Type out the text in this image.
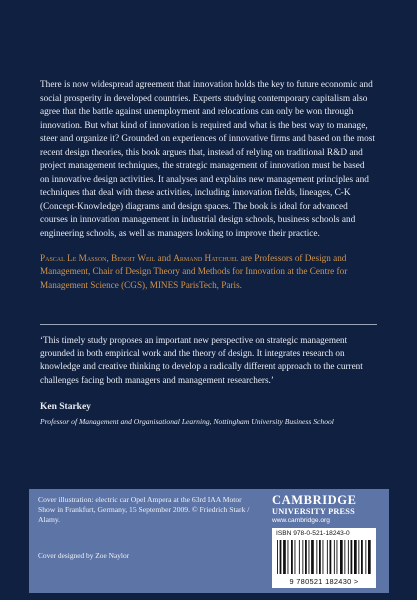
There is now widespread agreement that innovation holds the key to future economic and social prosperity in developed countries. Experts studying contemporary capitalism also agree that the battle against unemployment and relocations can only be won through innovation. But what kind of innovation is required and what is the best way to manage, steer and organize it? Grounded on experiences of innovative firms and based on the most recent design theories, this book argues that, instead of relying on traditional R&D and project management techniques, the strategic management of innovation must be based on innovative design activities. It analyses and explains new management principles and techniques that deal with these activities, including innovation fields, lineages, C-K (Concept-Knowledge) diagrams and design spaces. The book is ideal for advanced courses in innovation management in industrial design schools, business schools and engineering schools, as well as managers looking to improve their practice.

Pascal Le Masson, Benoit Weil and Armand Hatchuel are Professors of Design and Management, Chair of Design Theory and Methods for Innovation at the Centre for Management Science (CGS), MINES ParisTech, Paris.

‘This timely study proposes an important new perspective on strategic management grounded in both empirical work and the theory of design. It integrates research on knowledge and creative thinking to develop a radically different approach to the current challenges facing both managers and management researchers.’

Ken Starkey

Professor of Management and Organisational Learning, Nottingham University Business School

Cover illustration: electric car Opel Ampera at the 63rd IAA Motor Show in Frankfurt, Germany, 15 September 2009. © Friedrich Stark / Alamy.

Cover designed by Zoe Naylor

CAMBRIDGE
UNIVERSITY PRESS
www.cambridge.org
ISBN 978-0-521-18243-0
9 780521 182430 >
